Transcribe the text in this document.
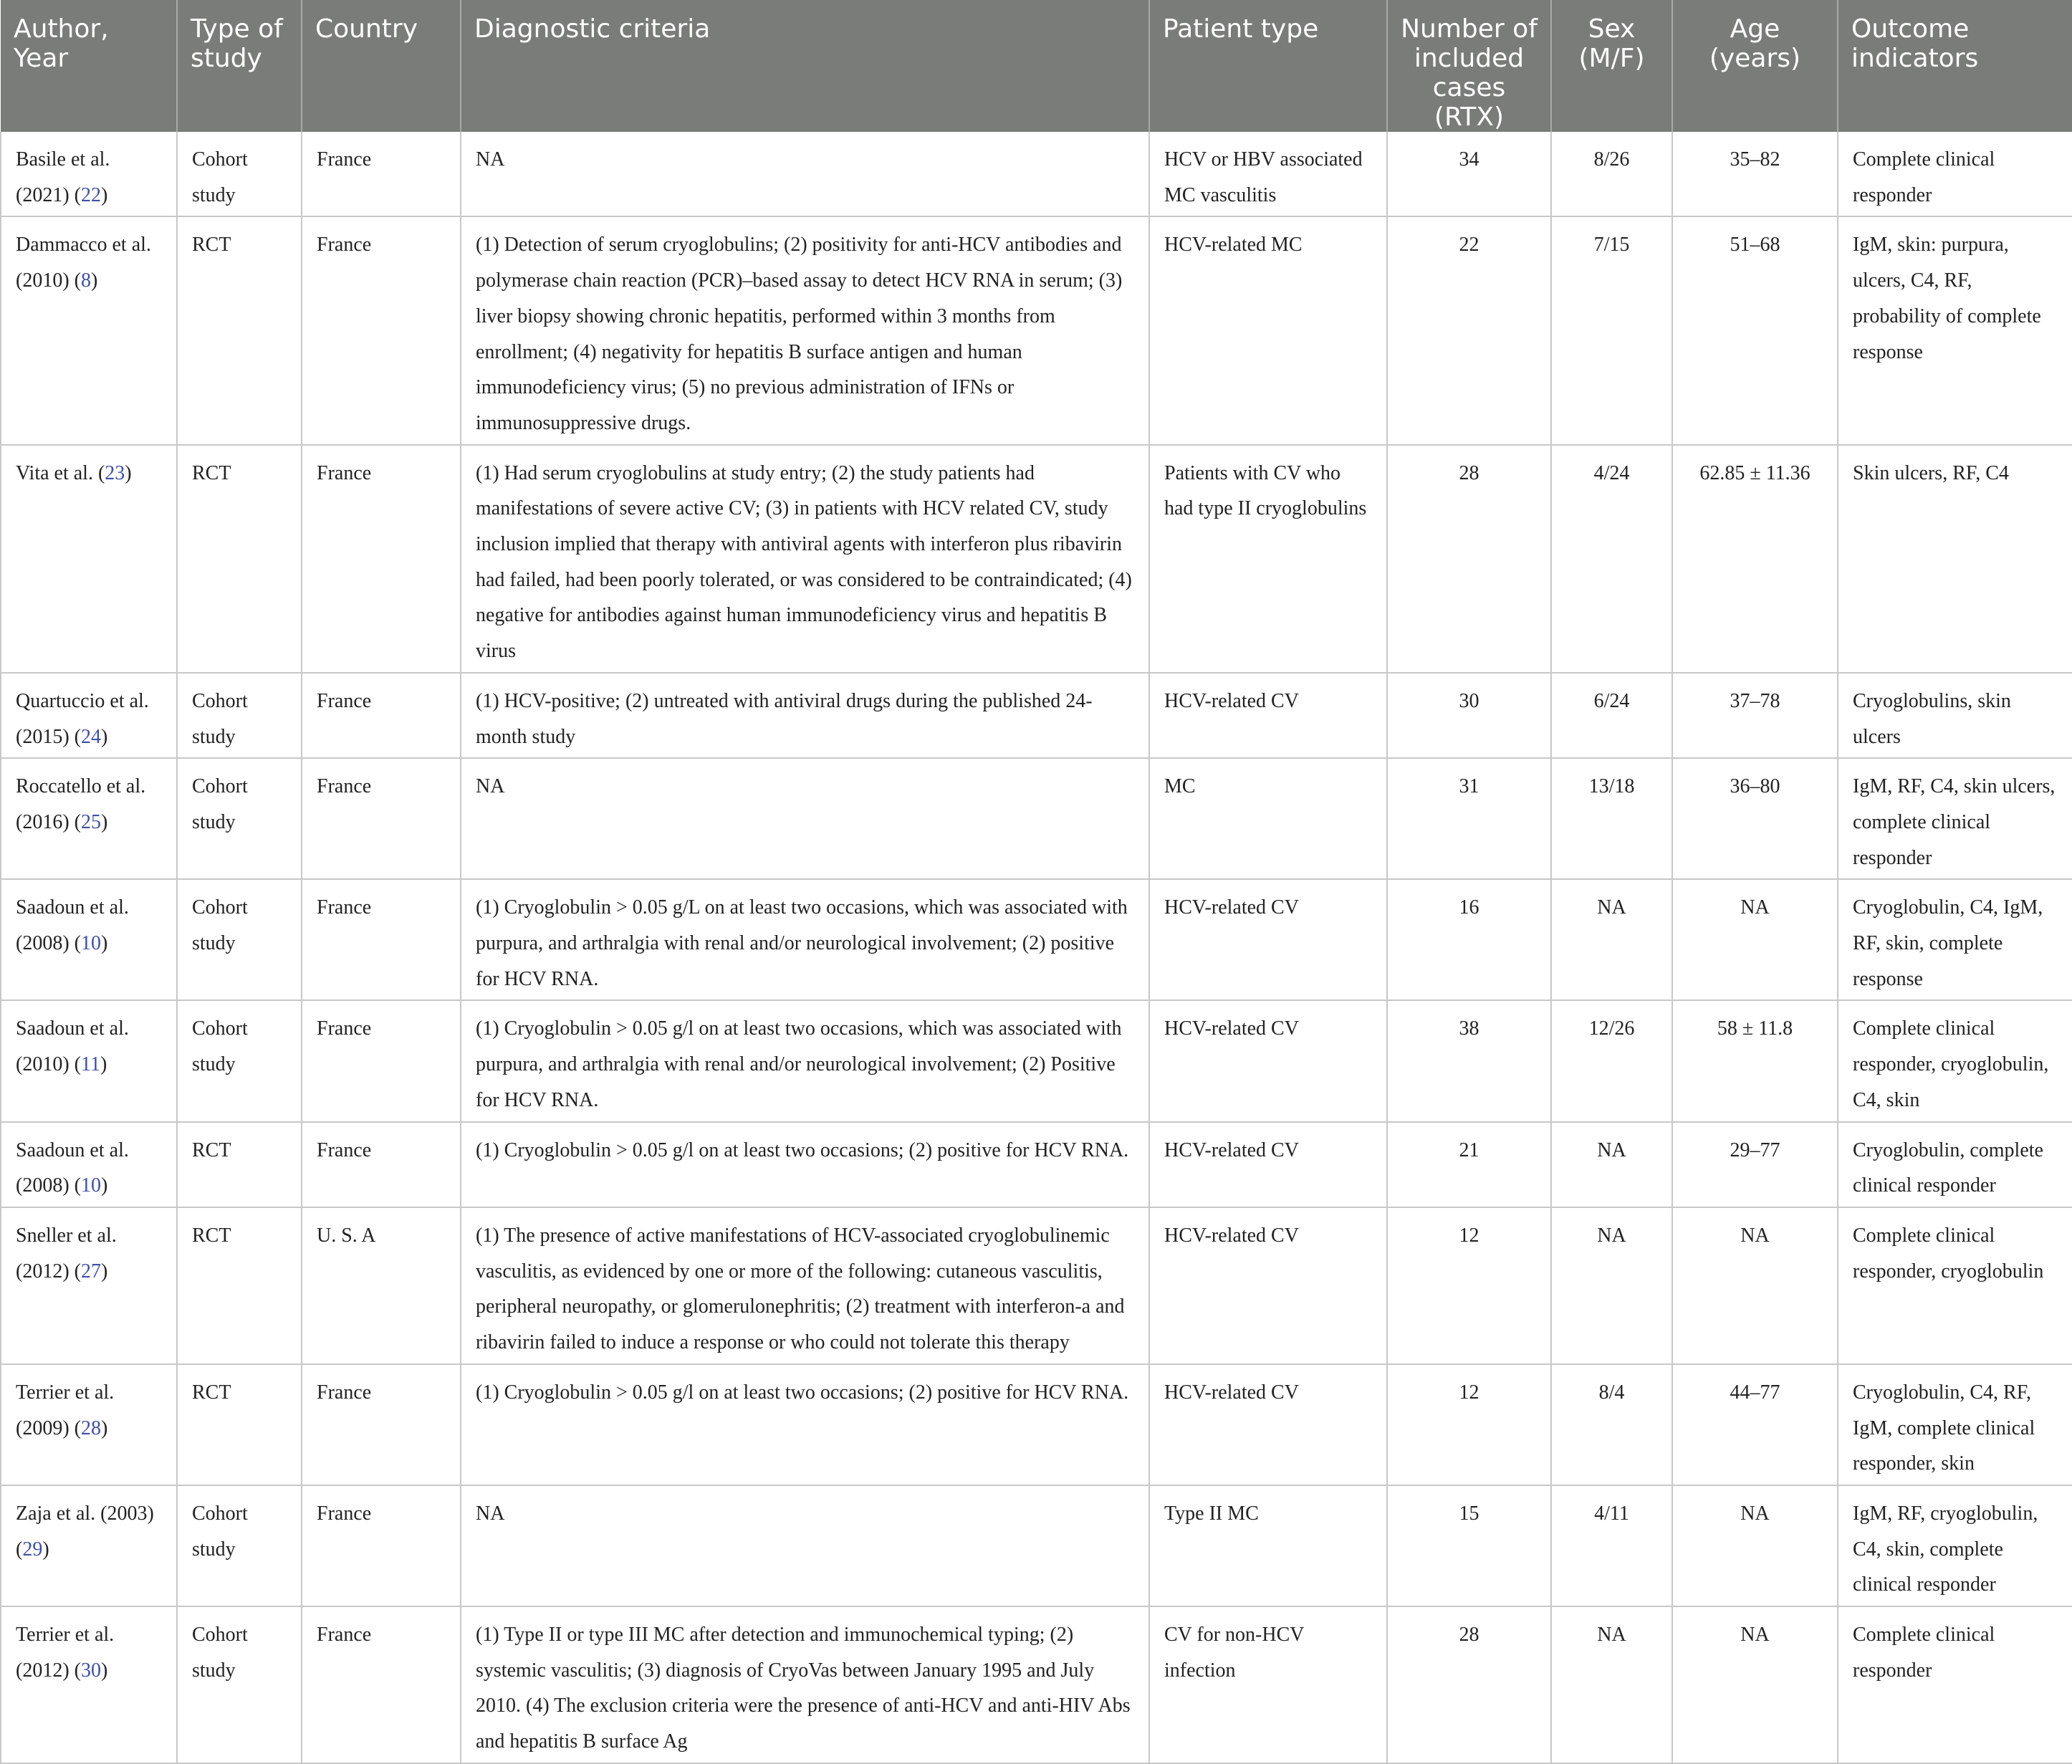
Author, Year	Type of study	Country	Diagnostic criteria	Patient type	Number of included cases (RTX)	Sex (M/F)	Age (years)	Outcome indicators
Basile et al. (2021) (22)	Cohort study	France	NA	HCV or HBV associated MC vasculitis	34	8/26	35–82	Complete clinical responder
Dammacco et al. (2010) (8)	RCT	France	(1) Detection of serum cryoglobulins; (2) positivity for anti-HCV antibodies and polymerase chain reaction (PCR)–based assay to detect HCV RNA in serum; (3) liver biopsy showing chronic hepatitis, performed within 3 months from enrollment; (4) negativity for hepatitis B surface antigen and human immunodeficiency virus; (5) no previous administration of IFNs or immunosuppressive drugs.	HCV-related MC	22	7/15	51–68	IgM, skin: purpura, ulcers, C4, RF, probability of complete response
Vita et al. (23)	RCT	France	(1) Had serum cryoglobulins at study entry; (2) the study patients had manifestations of severe active CV; (3) in patients with HCV related CV, study inclusion implied that therapy with antiviral agents with interferon plus ribavirin had failed, had been poorly tolerated, or was considered to be contraindicated; (4) negative for antibodies against human immunodeficiency virus and hepatitis B virus	Patients with CV who had type II cryoglobulins	28	4/24	62.85 ± 11.36	Skin ulcers, RF, C4
Quartuccio et al. (2015) (24)	Cohort study	France	(1) HCV-positive; (2) untreated with antiviral drugs during the published 24-month study	HCV-related CV	30	6/24	37–78	Cryoglobulins, skin ulcers
Roccatello et al. (2016) (25)	Cohort study	France	NA	MC	31	13/18	36–80	IgM, RF, C4, skin ulcers, complete clinical responder
Saadoun et al. (2008) (10)	Cohort study	France	(1) Cryoglobulin > 0.05 g/L on at least two occasions, which was associated with purpura, and arthralgia with renal and/or neurological involvement; (2) positive for HCV RNA.	HCV-related CV	16	NA	NA	Cryoglobulin, C4, IgM, RF, skin, complete response
Saadoun et al. (2010) (11)	Cohort study	France	(1) Cryoglobulin > 0.05 g/l on at least two occasions, which was associated with purpura, and arthralgia with renal and/or neurological involvement; (2) Positive for HCV RNA.	HCV-related CV	38	12/26	58 ± 11.8	Complete clinical responder, cryoglobulin, C4, skin
Saadoun et al. (2008) (10)	RCT	France	(1) Cryoglobulin > 0.05 g/l on at least two occasions; (2) positive for HCV RNA.	HCV-related CV	21	NA	29–77	Cryoglobulin, complete clinical responder
Sneller et al. (2012) (27)	RCT	U. S. A	(1) The presence of active manifestations of HCV-associated cryoglobulinemic vasculitis, as evidenced by one or more of the following: cutaneous vasculitis, peripheral neuropathy, or glomerulonephritis; (2) treatment with interferon-a and ribavirin failed to induce a response or who could not tolerate this therapy	HCV-related CV	12	NA	NA	Complete clinical responder, cryoglobulin
Terrier et al. (2009) (28)	RCT	France	(1) Cryoglobulin > 0.05 g/l on at least two occasions; (2) positive for HCV RNA.	HCV-related CV	12	8/4	44–77	Cryoglobulin, C4, RF, IgM, complete clinical responder, skin
Zaja et al. (2003) (29)	Cohort study	France	NA	Type II MC	15	4/11	NA	IgM, RF, cryoglobulin, C4, skin, complete clinical responder
Terrier et al. (2012) (30)	Cohort study	France	(1) Type II or type III MC after detection and immunochemical typing; (2) systemic vasculitis; (3) diagnosis of CryoVas between January 1995 and July 2010. (4) The exclusion criteria were the presence of anti-HCV and anti-HIV Abs and hepatitis B surface Ag	CV for non-HCV infection	28	NA	NA	Complete clinical responder
